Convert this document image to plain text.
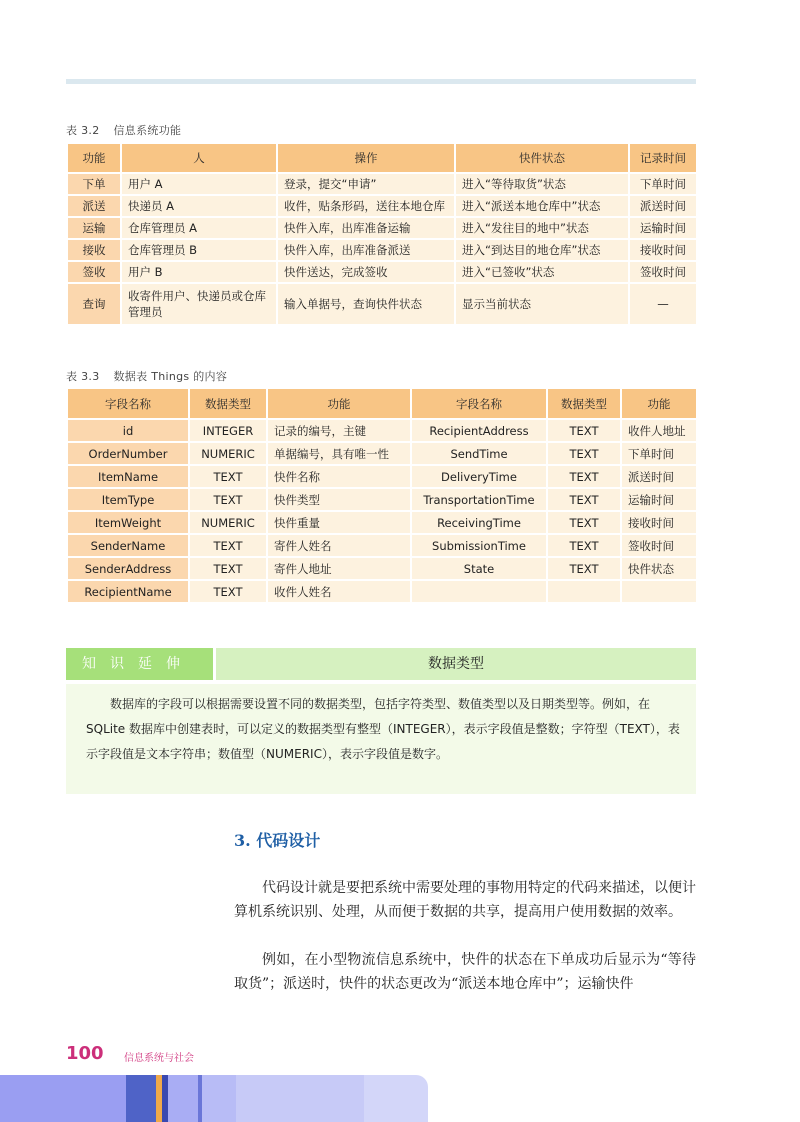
表 3.2 信息系统功能
功能	人	操作	快件状态	记录时间
下单	用户 A	登录，提交“申请”	进入“等待取货”状态	下单时间
派送	快递员 A	收件，贴条形码，送往本地仓库	进入“派送本地仓库中”状态	派送时间
运输	仓库管理员 A	快件入库，出库准备运输	进入“发往目的地中”状态	运输时间
接收	仓库管理员 B	快件入库，出库准备派送	进入“到达目的地仓库”状态	接收时间
签收	用户 B	快件送达，完成签收	进入“已签收”状态	签收时间
查询	收寄件用户、快递员或仓库管理员	输入单据号，查询快件状态	显示当前状态	—
表 3.3 数据表 Things 的内容
字段名称	数据类型	功能	字段名称	数据类型	功能
id	INTEGER	记录的编号，主键	RecipientAddress	TEXT	收件人地址
OrderNumber	NUMERIC	单据编号，具有唯一性	SendTime	TEXT	下单时间
ItemName	TEXT	快件名称	DeliveryTime	TEXT	派送时间
ItemType	TEXT	快件类型	TransportationTime	TEXT	运输时间
ItemWeight	NUMERIC	快件重量	ReceivingTime	TEXT	接收时间
SenderName	TEXT	寄件人姓名	SubmissionTime	TEXT	签收时间
SenderAddress	TEXT	寄件人地址	State	TEXT	快件状态
RecipientName	TEXT	收件人姓名			
知识延伸	数据类型
数据库的字段可以根据需要设置不同的数据类型，包括字符类型、数值类型以及日期类型等。例如，在 SQLite 数据库中创建表时，可以定义的数据类型有整型（INTEGER），表示字段值是整数；字符型（TEXT），表示字段值是文本字符串；数值型（NUMERIC），表示字段值是数字。
3. 代码设计

代码设计就是要把系统中需要处理的事物用特定的代码来描述，以便计算机系统识别、处理，从而便于数据的共享，提高用户使用数据的效率。

例如，在小型物流信息系统中，快件的状态在下单成功后显示为“等待取货”；派送时，快件的状态更改为“派送本地仓库中”；运输快件

100 信息系统与社会
